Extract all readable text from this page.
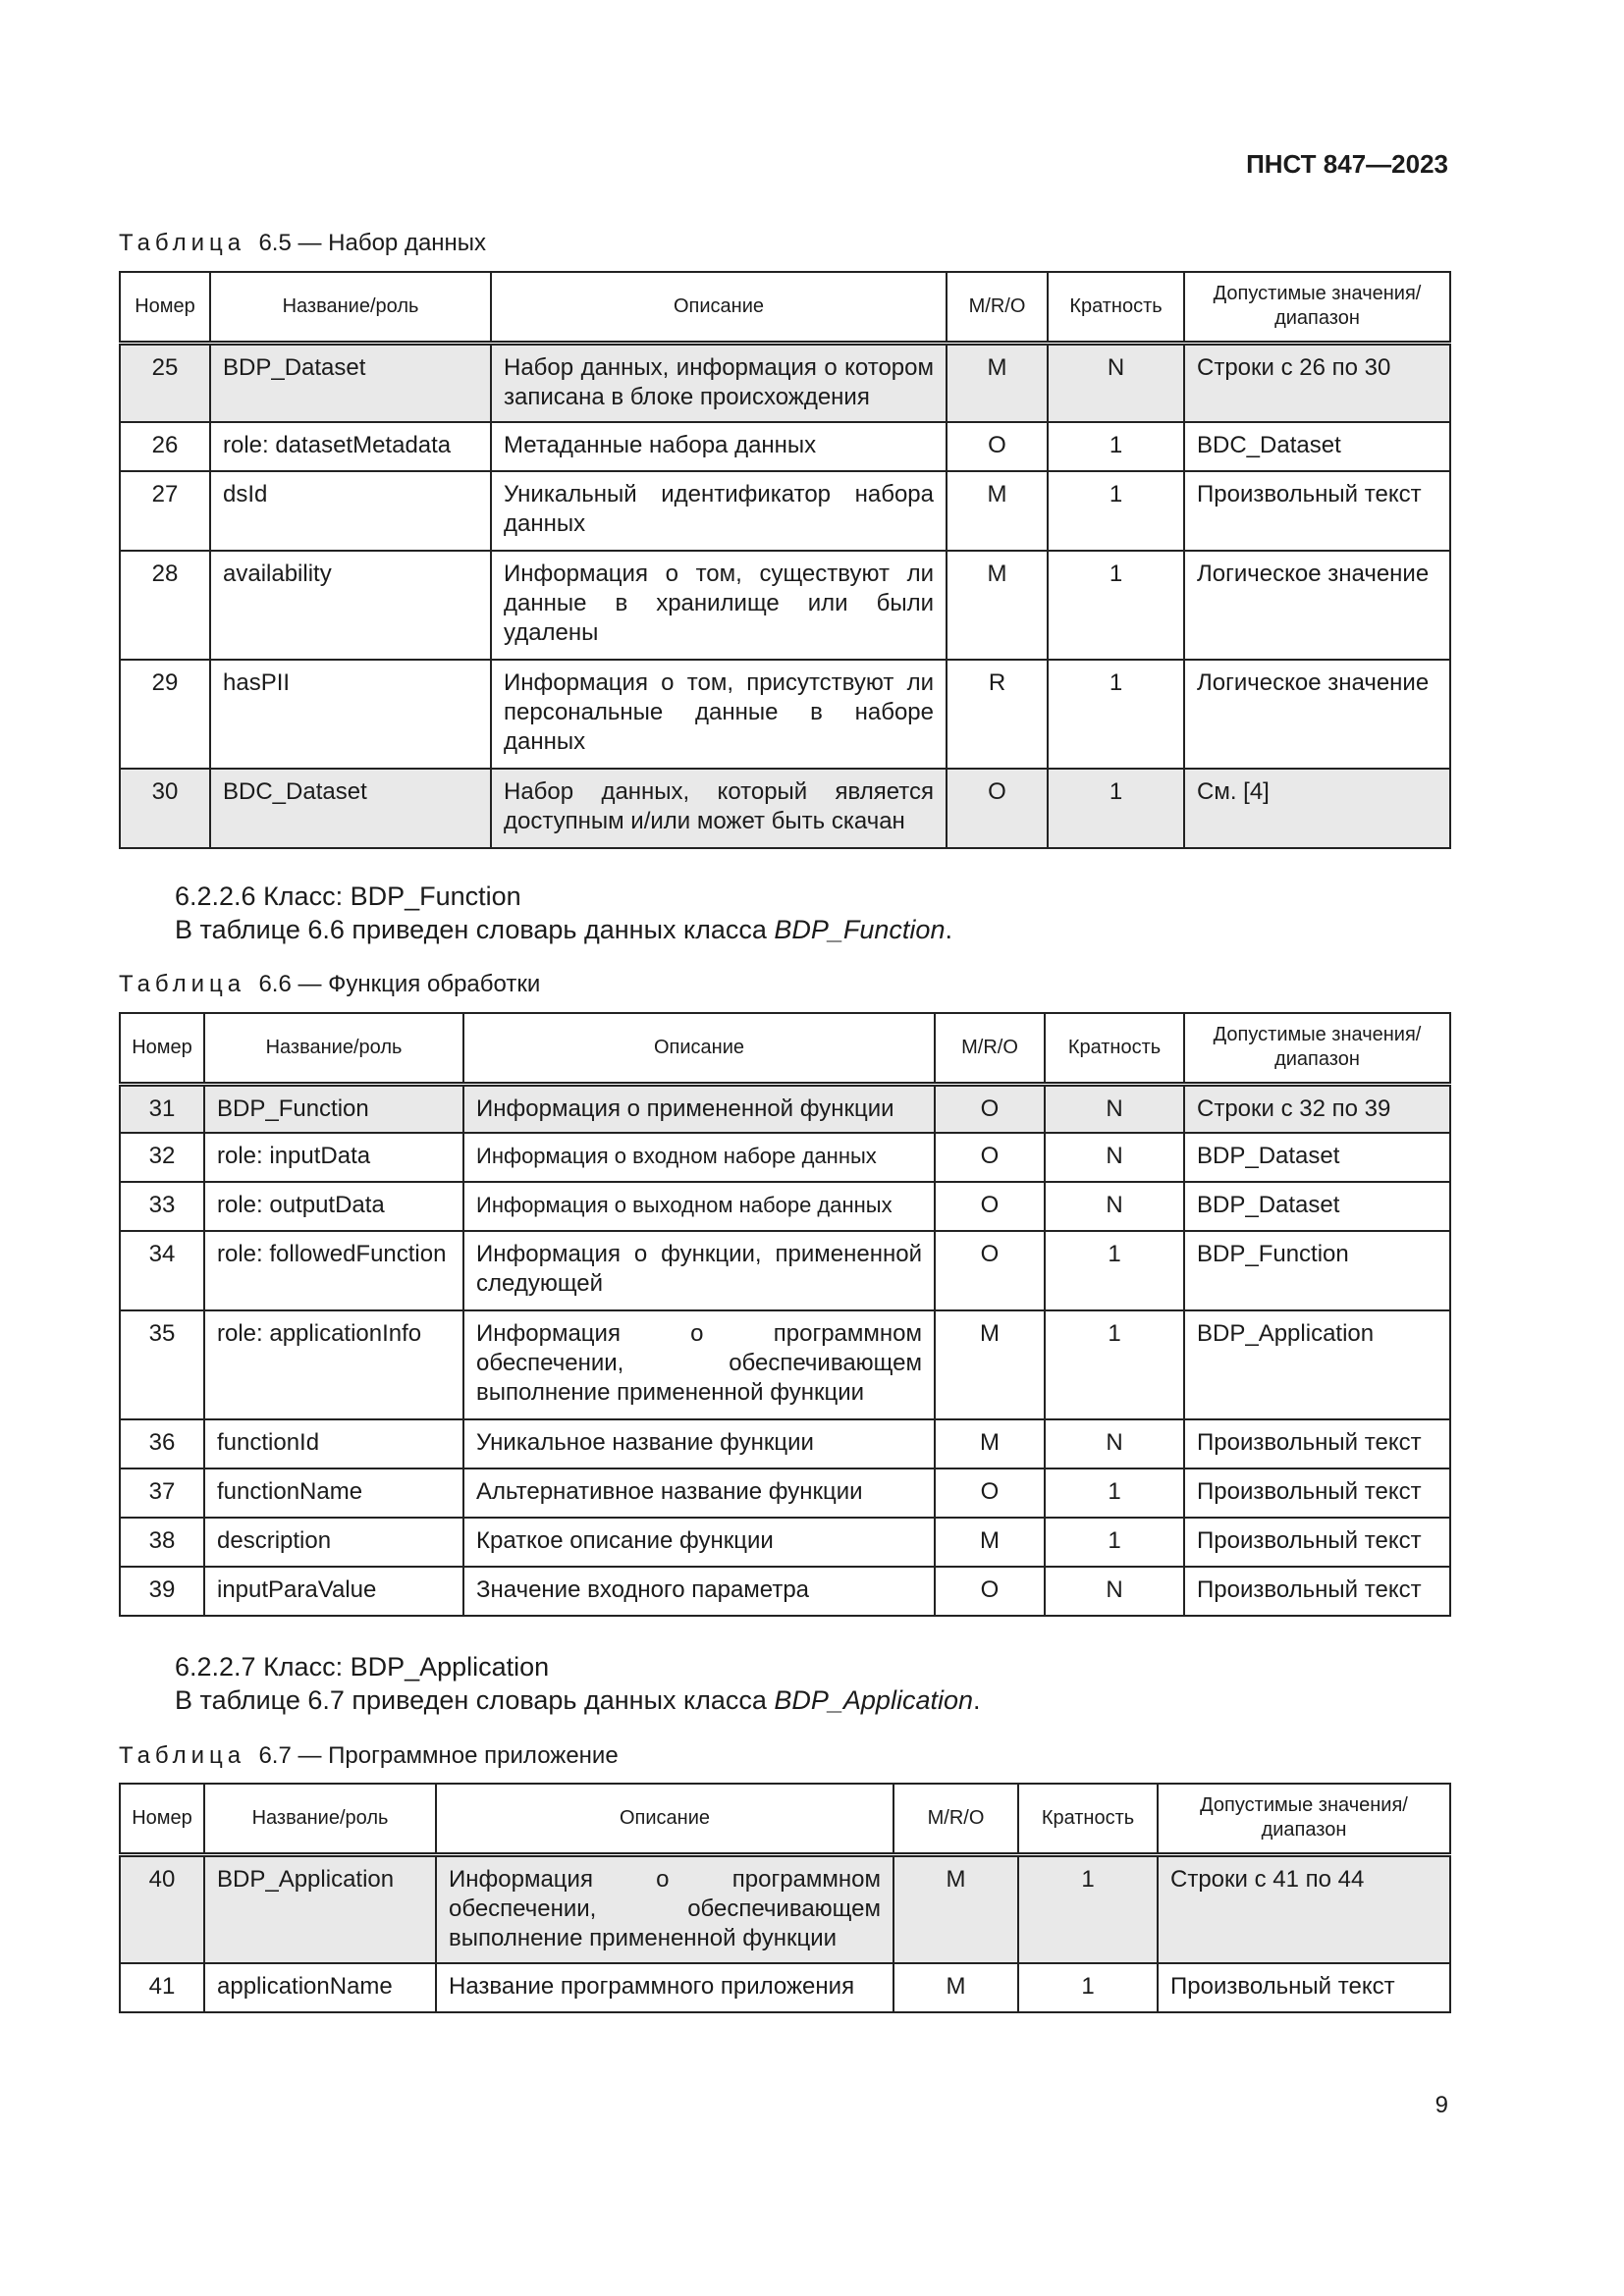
ПНСТ 847—2023
Таблица 6.5 — Набор данных
Номер	Название/роль	Описание	M/R/O	Кратность	Допустимые значения/ диапазон
25	BDP_Dataset	Набор данных, информация о котором записана в блоке происхождения	M	N	Строки с 26 по 30
26	role: datasetMetadata	Метаданные набора данных	O	1	BDC_Dataset
27	dsId	Уникальный идентификатор набора данных	M	1	Произвольный текст
28	availability	Информация о том, существуют ли данные в хранилище или были удалены	M	1	Логическое значение
29	hasPII	Информация о том, присутствуют ли персональные данные в наборе данных	R	1	Логическое значение
30	BDC_Dataset	Набор данных, который является доступным и/или может быть скачан	O	1	См. [4]
6.2.2.6 Класс: BDP_Function
В таблице 6.6 приведен словарь данных класса BDP_Function.
Таблица 6.6 — Функция обработки
Номер	Название/роль	Описание	M/R/O	Кратность	Допустимые значения/ диапазон
31	BDP_Function	Информация о примененной функции	O	N	Строки с 32 по 39
32	role: inputData	Информация о входном наборе данных	O	N	BDP_Dataset
33	role: outputData	Информация о выходном наборе данных	O	N	BDP_Dataset
34	role: followedFunction	Информация о функции, примененной следующей	O	1	BDP_Function
35	role: applicationInfo	Информация о программном обеспечении, обеспечивающем выполнение примененной функции	M	1	BDP_Application
36	functionId	Уникальное название функции	M	N	Произвольный текст
37	functionName	Альтернативное название функции	O	1	Произвольный текст
38	description	Краткое описание функции	M	1	Произвольный текст
39	inputParaValue	Значение входного параметра	O	N	Произвольный текст
6.2.2.7 Класс: BDP_Application
В таблице 6.7 приведен словарь данных класса BDP_Application.
Таблица 6.7 — Программное приложение
Номер	Название/роль	Описание	M/R/O	Кратность	Допустимые значения/ диапазон
40	BDP_Application	Информация о программном обеспечении, обеспечивающем выполнение примененной функции	M	1	Строки с 41 по 44
41	applicationName	Название программного приложения	M	1	Произвольный текст
9
